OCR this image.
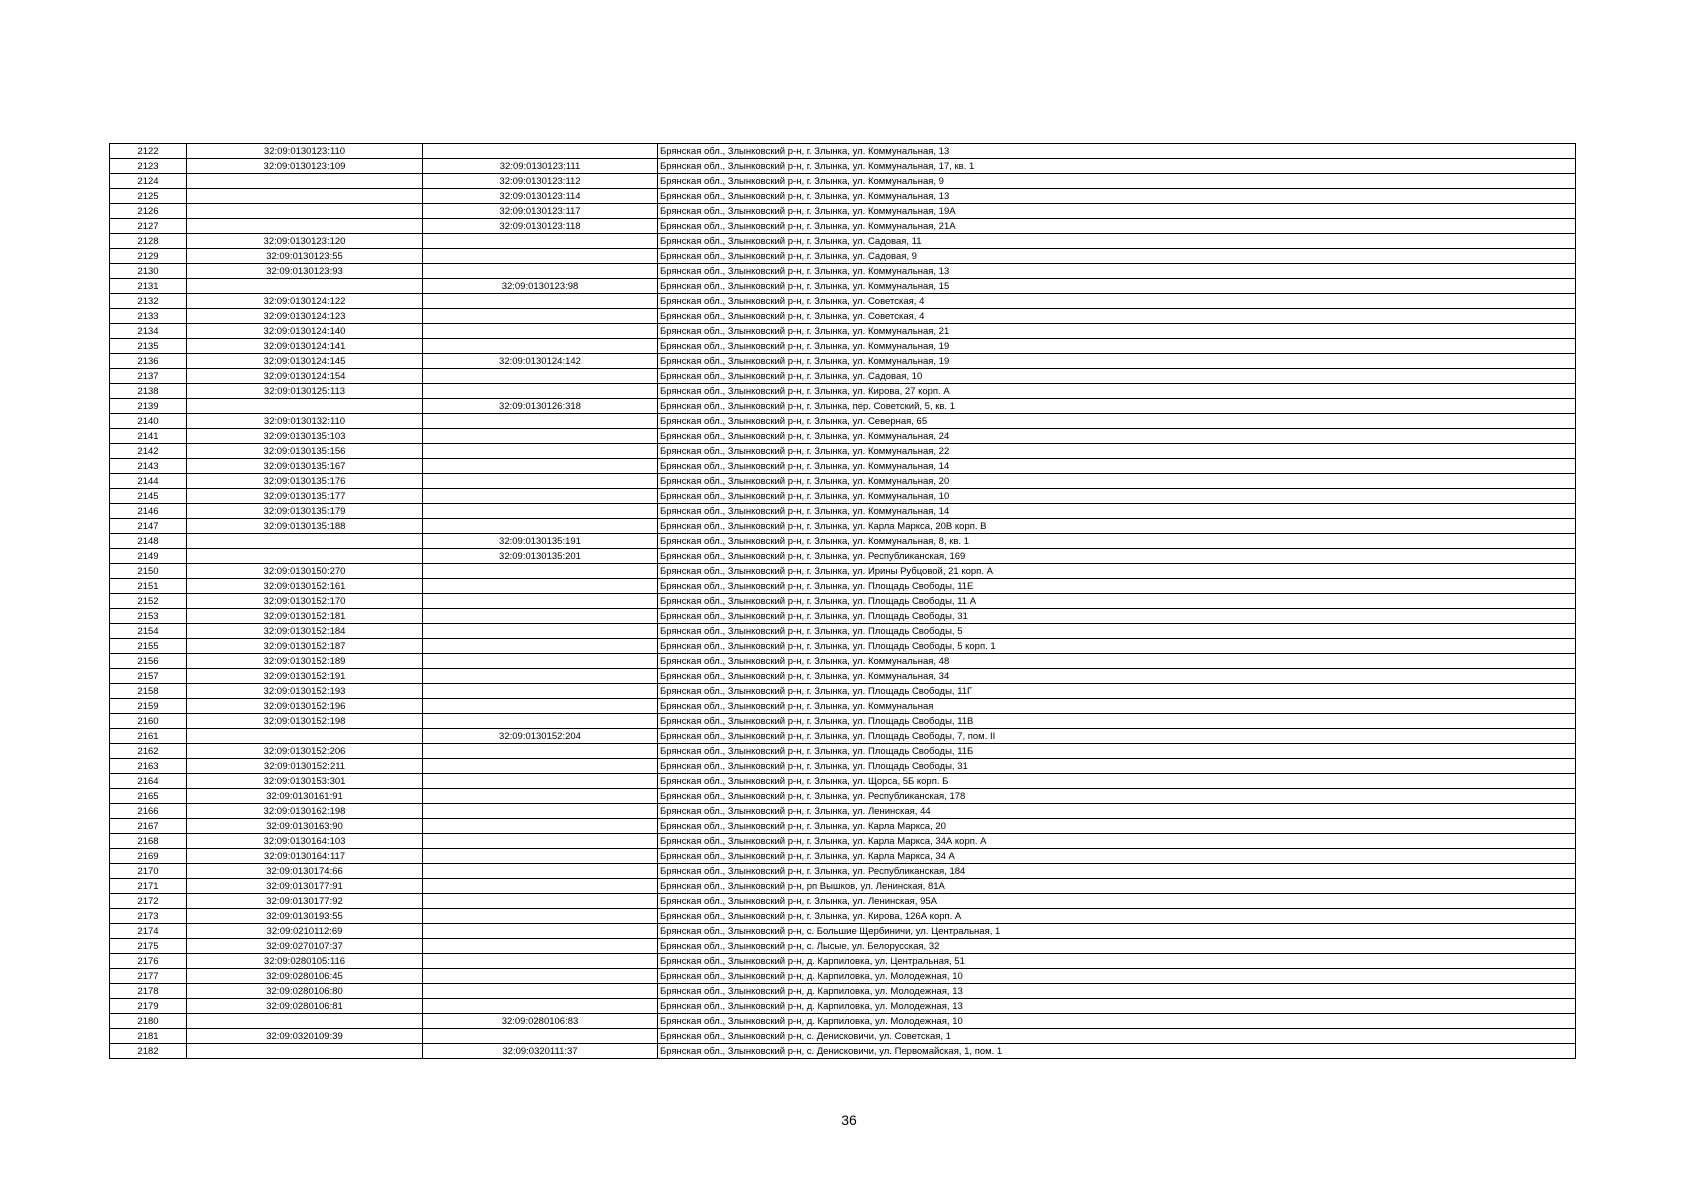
2122	32:09:0130123:110		Брянская обл., Злынковский р-н, г. Злынка, ул. Коммунальная, 13
2123	32:09:0130123:109	32:09:0130123:111	Брянская обл., Злынковский р-н, г. Злынка, ул. Коммунальная, 17, кв. 1
2124		32:09:0130123:112	Брянская обл., Злынковский р-н, г. Злынка, ул. Коммунальная, 9
2125		32:09:0130123:114	Брянская обл., Злынковский р-н, г. Злынка, ул. Коммунальная, 13
2126		32:09:0130123:117	Брянская обл., Злынковский р-н, г. Злынка, ул. Коммунальная, 19А
2127		32:09:0130123:118	Брянская обл., Злынковский р-н, г. Злынка, ул. Коммунальная, 21А
2128	32:09:0130123:120		Брянская обл., Злынковский р-н, г. Злынка, ул. Садовая, 11
2129	32:09:0130123:55		Брянская обл., Злынковский р-н, г. Злынка, ул. Садовая, 9
2130	32:09:0130123:93		Брянская обл., Злынковский р-н, г. Злынка, ул. Коммунальная, 13
2131		32:09:0130123:98	Брянская обл., Злынковский р-н, г. Злынка, ул. Коммунальная, 15
2132	32:09:0130124:122		Брянская обл., Злынковский р-н, г. Злынка, ул. Советская, 4
2133	32:09:0130124:123		Брянская обл., Злынковский р-н, г. Злынка, ул. Советская, 4
2134	32:09:0130124:140		Брянская обл., Злынковский р-н, г. Злынка, ул. Коммунальная, 21
2135	32:09:0130124:141		Брянская обл., Злынковский р-н, г. Злынка, ул. Коммунальная, 19
2136	32:09:0130124:145	32:09:0130124:142	Брянская обл., Злынковский р-н, г. Злынка, ул. Коммунальная, 19
2137	32:09:0130124:154		Брянская обл., Злынковский р-н, г. Злынка, ул. Садовая, 10
2138	32:09:0130125:113		Брянская обл., Злынковский р-н, г. Злынка, ул. Кирова, 27 корп. А
2139		32:09:0130126:318	Брянская обл., Злынковский р-н, г. Злынка, пер. Советский, 5, кв. 1
2140	32:09:0130132:110		Брянская обл., Злынковский р-н, г. Злынка, ул. Северная, 65
2141	32:09:0130135:103		Брянская обл., Злынковский р-н, г. Злынка, ул. Коммунальная, 24
2142	32:09:0130135:156		Брянская обл., Злынковский р-н, г. Злынка, ул. Коммунальная, 22
2143	32:09:0130135:167		Брянская обл., Злынковский р-н, г. Злынка, ул. Коммунальная, 14
2144	32:09:0130135:176		Брянская обл., Злынковский р-н, г. Злынка, ул. Коммунальная, 20
2145	32:09:0130135:177		Брянская обл., Злынковский р-н, г. Злынка, ул. Коммунальная, 10
2146	32:09:0130135:179		Брянская обл., Злынковский р-н, г. Злынка, ул. Коммунальная, 14
2147	32:09:0130135:188		Брянская обл., Злынковский р-н, г. Злынка, ул. Карла Маркса, 20В корп. В
2148		32:09:0130135:191	Брянская обл., Злынковский р-н, г. Злынка, ул. Коммунальная, 8, кв. 1
2149		32:09:0130135:201	Брянская обл., Злынковский р-н, г. Злынка, ул. Республиканская, 169
2150	32:09:0130150:270		Брянская обл., Злынковский р-н, г. Злынка, ул. Ирины Рубцовой, 21 корп. А
2151	32:09:0130152:161		Брянская обл., Злынковский р-н, г. Злынка, ул. Площадь Свободы, 11Е
2152	32:09:0130152:170		Брянская обл., Злынковский р-н, г. Злынка, ул. Площадь Свободы, 11 А
2153	32:09:0130152:181		Брянская обл., Злынковский р-н, г. Злынка, ул. Площадь Свободы, 31
2154	32:09:0130152:184		Брянская обл., Злынковский р-н, г. Злынка, ул. Площадь Свободы, 5
2155	32:09:0130152:187		Брянская обл., Злынковский р-н, г. Злынка, ул. Площадь Свободы, 5 корп. 1
2156	32:09:0130152:189		Брянская обл., Злынковский р-н, г. Злынка, ул. Коммунальная, 48
2157	32:09:0130152:191		Брянская обл., Злынковский р-н, г. Злынка, ул. Коммунальная, 34
2158	32:09:0130152:193		Брянская обл., Злынковский р-н, г. Злынка, ул. Площадь Свободы, 11Г
2159	32:09:0130152:196		Брянская обл., Злынковский р-н, г. Злынка, ул. Коммунальная
2160	32:09:0130152:198		Брянская обл., Злынковский р-н, г. Злынка, ул. Площадь Свободы, 11В
2161		32:09:0130152:204	Брянская обл., Злынковский р-н, г. Злынка, ул. Площадь Свободы, 7, пом. II
2162	32:09:0130152:206		Брянская обл., Злынковский р-н, г. Злынка, ул. Площадь Свободы, 11Б
2163	32:09:0130152:211		Брянская обл., Злынковский р-н, г. Злынка, ул. Площадь Свободы, 31
2164	32:09:0130153:301		Брянская обл., Злынковский р-н, г. Злынка, ул. Щорса, 5Б корп. Б
2165	32:09:0130161:91		Брянская обл., Злынковский р-н, г. Злынка, ул. Республиканская, 178
2166	32:09:0130162:198		Брянская обл., Злынковский р-н, г. Злынка, ул. Ленинская, 44
2167	32:09:0130163:90		Брянская обл., Злынковский р-н, г. Злынка, ул. Карла Маркса, 20
2168	32:09:0130164:103		Брянская обл., Злынковский р-н, г. Злынка, ул. Карла Маркса, 34А корп. А
2169	32:09:0130164:117		Брянская обл., Злынковский р-н, г. Злынка, ул. Карла Маркса, 34 А
2170	32:09:0130174:66		Брянская обл., Злынковский р-н, г. Злынка, ул. Республиканская, 184
2171	32:09:0130177:91		Брянская обл., Злынковский р-н, рп Вышков, ул. Ленинская, 81А
2172	32:09:0130177:92		Брянская обл., Злынковский р-н, г. Злынка, ул. Ленинская, 95А
2173	32:09:0130193:55		Брянская обл., Злынковский р-н, г. Злынка, ул. Кирова, 126А корп. А
2174	32:09:0210112:69		Брянская обл., Злынковский р-н, с. Большие Щербиничи, ул. Центральная, 1
2175	32:09:0270107:37		Брянская обл., Злынковский р-н, с. Лысые, ул. Белорусская, 32
2176	32:09:0280105:116		Брянская обл., Злынковский р-н, д. Карпиловка, ул. Центральная, 51
2177	32:09:0280106:45		Брянская обл., Злынковский р-н, д. Карпиловка, ул. Молодежная, 10
2178	32:09:0280106:80		Брянская обл., Злынковский р-н, д. Карпиловка, ул. Молодежная, 13
2179	32:09:0280106:81		Брянская обл., Злынковский р-н, д. Карпиловка, ул. Молодежная, 13
2180		32:09:0280106:83	Брянская обл., Злынковский р-н, д. Карпиловка, ул. Молодежная, 10
2181	32:09:0320109:39		Брянская обл., Злынковский р-н, с. Денисковичи, ул. Советская, 1
2182		32:09:0320111:37	Брянская обл., Злынковский р-н, с. Денисковичи, ул. Первомайская, 1, пом. 1
36
